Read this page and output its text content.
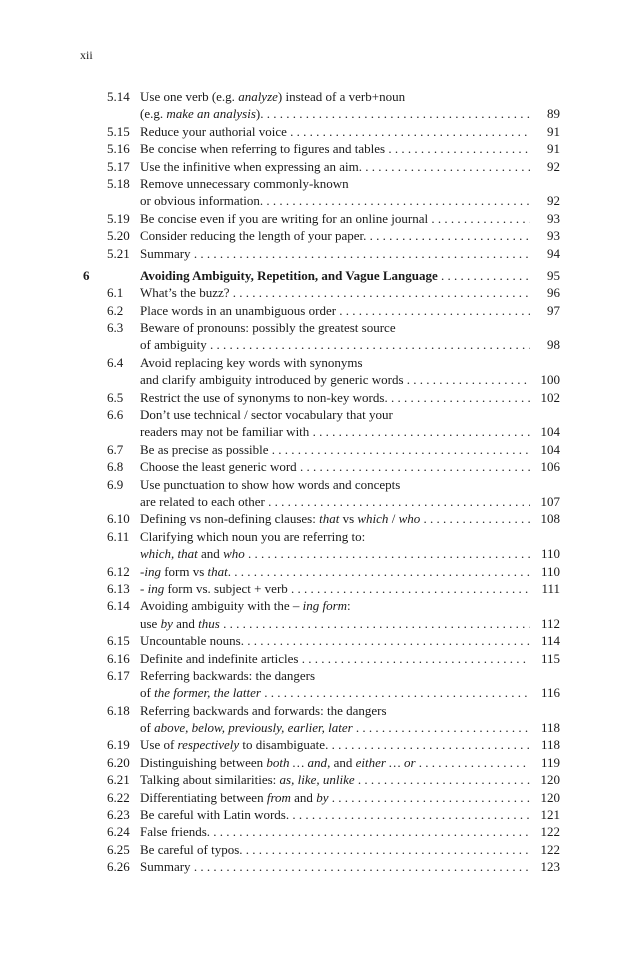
xii
5.14 Use one verb (e.g. analyze) instead of a verb+noun
(e.g. make an analysis). . . .	89
5.15 Reduce your authorial voice . . .	91
5.16 Be concise when referring to figures and tables . . .	91
5.17 Use the infinitive when expressing an aim. . . .	92
5.18 Remove unnecessary commonly-known
or obvious information. . . .	92
5.19 Be concise even if you are writing for an online journal . . .	93
5.20 Consider reducing the length of your paper. . . .	93
5.21 Summary . . .	94
6	Avoiding Ambiguity, Repetition, and Vague Language . . .	95
6.1 What’s the buzz? . . .	96
6.2 Place words in an unambiguous order . . .	97
6.3 Beware of pronouns: possibly the greatest source
of ambiguity . . .	98
6.4 Avoid replacing key words with synonyms
and clarify ambiguity introduced by generic words . . .	100
6.5 Restrict the use of synonyms to non-key words. . . .	102
6.6 Don’t use technical / sector vocabulary that your
readers may not be familiar with . . .	104
6.7 Be as precise as possible . . .	104
6.8 Choose the least generic word . . .	106
6.9 Use punctuation to show how words and concepts
are related to each other . . .	107
6.10 Defining vs non-defining clauses: that vs which / who . . .	108
6.11 Clarifying which noun you are referring to:
which, that and who . . .	110
6.12 -ing form vs that. . . .	110
6.13 - ing form vs. subject + verb . . .	111
6.14 Avoiding ambiguity with the – ing form:
use by and thus . . .	112
6.15 Uncountable nouns. . . .	114
6.16 Definite and indefinite articles . . .	115
6.17 Referring backwards: the dangers
of the former, the latter . . .	116
6.18 Referring backwards and forwards: the dangers
of above, below, previously, earlier, later . . .	118
6.19 Use of respectively to disambiguate. . . .	118
6.20 Distinguishing between both … and, and either … or . . .	119
6.21 Talking about similarities: as, like, unlike . . .	120
6.22 Differentiating between from and by . . .	120
6.23 Be careful with Latin words. . . .	121
6.24 False friends. . . .	122
6.25 Be careful of typos. . . .	122
6.26 Summary . . .	123
